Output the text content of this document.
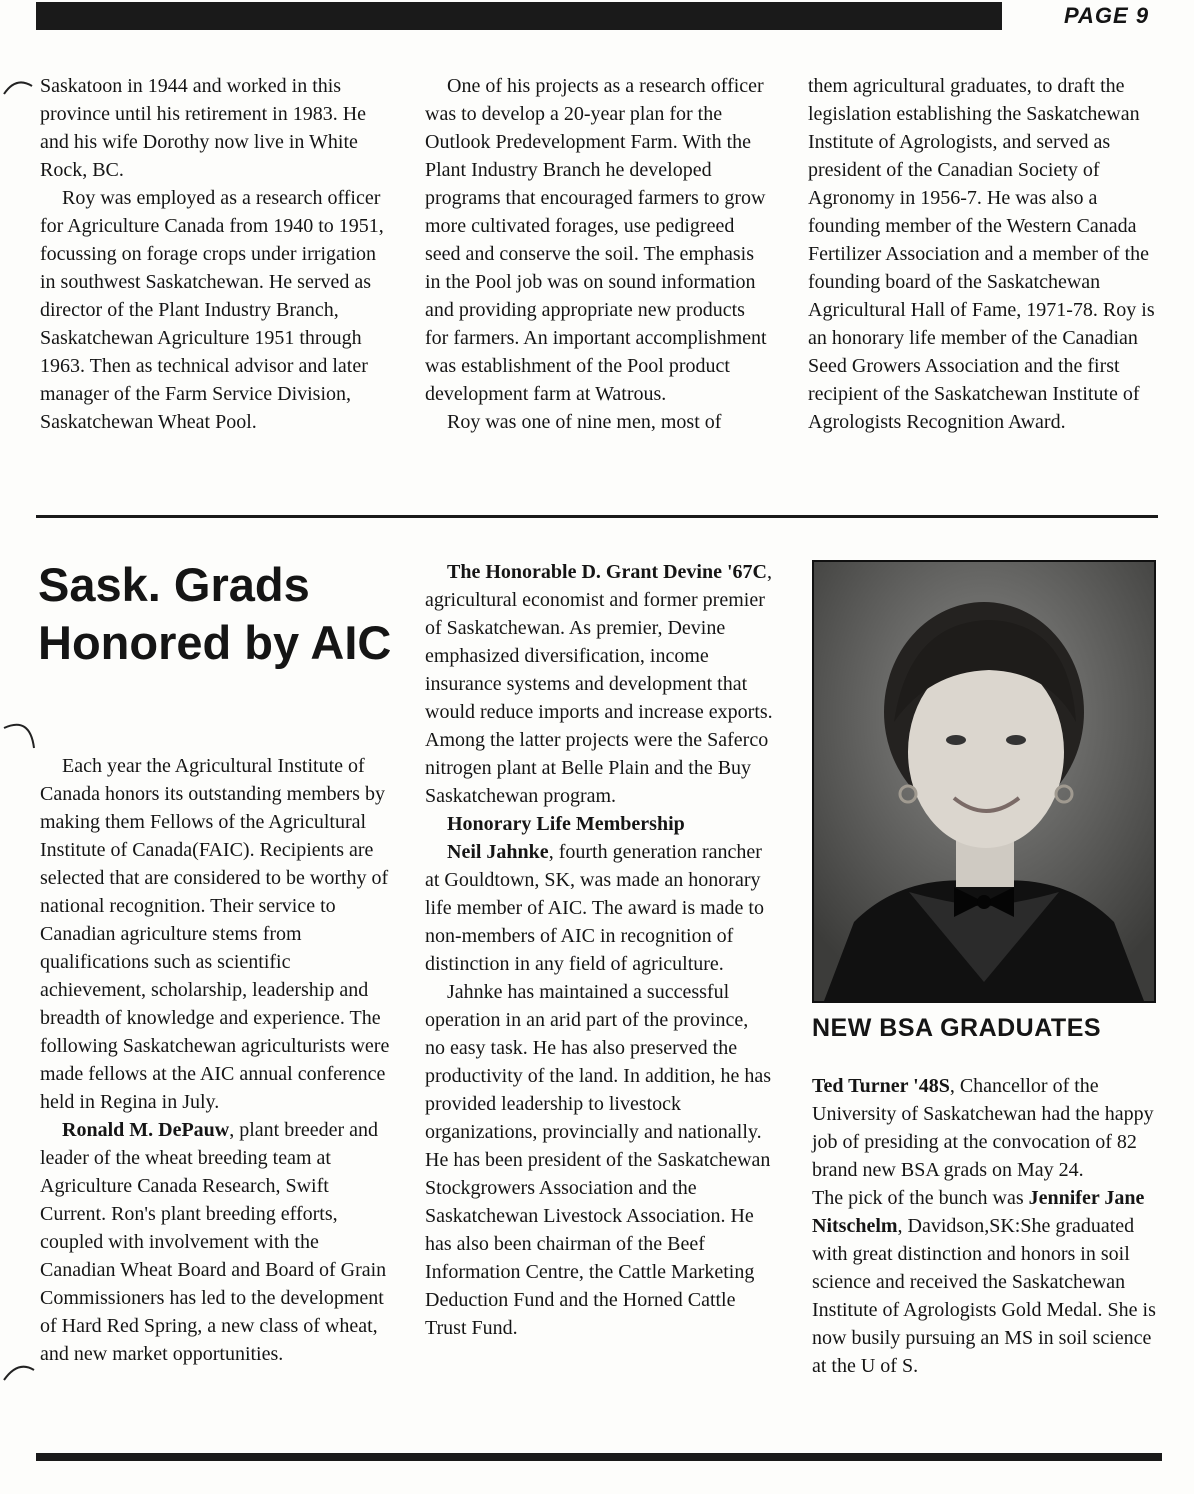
PAGE 9

Saskatoon in 1944 and worked in this province until his retirement in 1983. He and his wife Dorothy now live in White Rock, BC.

Roy was employed as a research officer for Agriculture Canada from 1940 to 1951, focussing on forage crops under irrigation in southwest Saskatchewan. He served as director of the Plant Industry Branch, Saskatchewan Agriculture 1951 through 1963. Then as technical advisor and later manager of the Farm Service Division, Saskatchewan Wheat Pool.

One of his projects as a research officer was to develop a 20-year plan for the Outlook Predevelopment Farm. With the Plant Industry Branch he developed programs that encouraged farmers to grow more cultivated forages, use pedigreed seed and conserve the soil. The emphasis in the Pool job was on sound information and providing appropriate new products for farmers. An important accomplishment was establishment of the Pool product development farm at Watrous.

Roy was one of nine men, most of

them agricultural graduates, to draft the legislation establishing the Saskatchewan Institute of Agrologists, and served as president of the Canadian Society of Agronomy in 1956-7. He was also a founding member of the Western Canada Fertilizer Association and a member of the founding board of the Saskatchewan Agricultural Hall of Fame, 1971-78. Roy is an honorary life member of the Canadian Seed Growers Association and the first recipient of the Saskatchewan Institute of Agrologists Recognition Award.

Sask. Grads Honored by AIC

Each year the Agricultural Institute of Canada honors its outstanding members by making them Fellows of the Agricultural Institute of Canada(FAIC). Recipients are selected that are considered to be worthy of national recognition. Their service to Canadian agriculture stems from qualifications such as scientific achievement, scholarship, leadership and breadth of knowledge and experience. The following Saskatchewan agriculturists were made fellows at the AIC annual conference held in Regina in July.

Ronald M. DePauw, plant breeder and leader of the wheat breeding team at Agriculture Canada Research, Swift Current. Ron's plant breeding efforts, coupled with involvement with the Canadian Wheat Board and Board of Grain Commissioners has led to the development of Hard Red Spring, a new class of wheat, and new market opportunities.

The Honorable D. Grant Devine '67C, agricultural economist and former premier of Saskatchewan. As premier, Devine emphasized diversification, income insurance systems and development that would reduce imports and increase exports. Among the latter projects were the Saferco nitrogen plant at Belle Plain and the Buy Saskatchewan program.

Honorary Life Membership

Neil Jahnke, fourth generation rancher at Gouldtown, SK, was made an honorary life member of AIC. The award is made to non-members of AIC in recognition of distinction in any field of agriculture.

Jahnke has maintained a successful operation in an arid part of the province, no easy task. He has also preserved the productivity of the land. In addition, he has provided leadership to livestock organizations, provincially and nationally. He has been president of the Saskatchewan Stockgrowers Association and the Saskatchewan Livestock Association. He has also been chairman of the Beef Information Centre, the Cattle Marketing Deduction Fund and the Horned Cattle Trust Fund.

NEW BSA GRADUATES

Ted Turner '48S, Chancellor of the University of Saskatchewan had the happy job of presiding at the convocation of 82 brand new BSA grads on May 24.

The pick of the bunch was Jennifer Jane Nitschelm, Davidson,SK:She graduated with great distinction and honors in soil science and received the Saskatchewan Institute of Agrologists Gold Medal. She is now busily pursuing an MS in soil science at the U of S.
